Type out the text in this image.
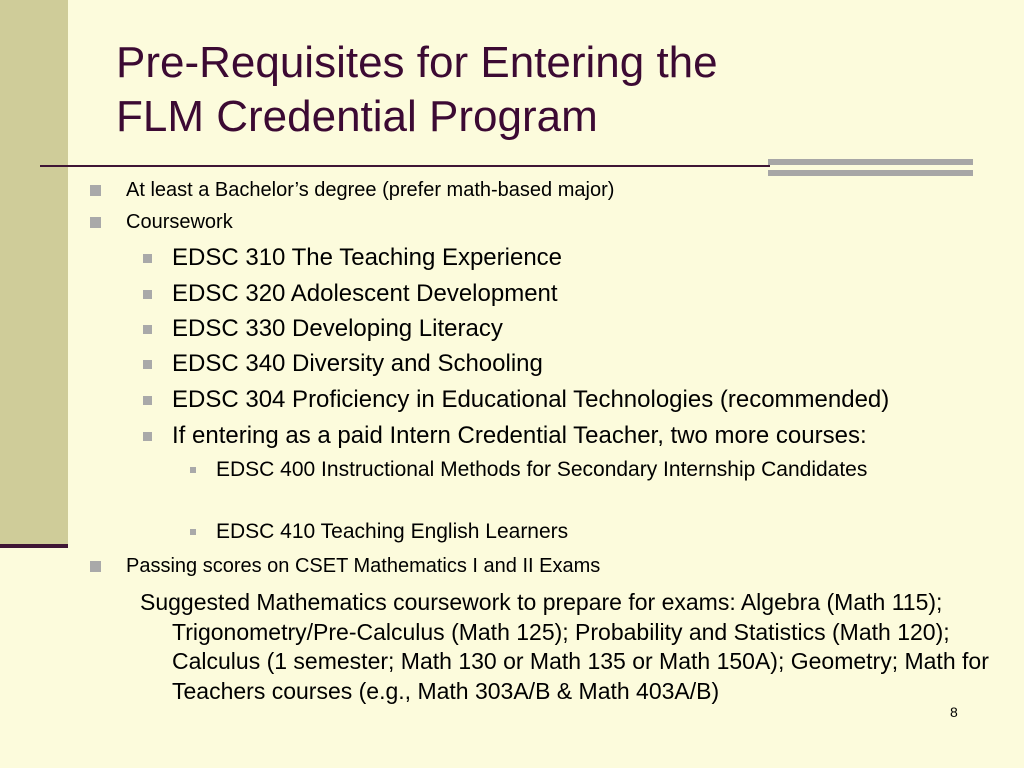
Pre-Requisites for Entering the
FLM Credential Program
At least a Bachelor’s degree (prefer math-based major)
Coursework
EDSC 310 The Teaching Experience
EDSC 320 Adolescent Development
EDSC 330 Developing Literacy
EDSC 340 Diversity and Schooling
EDSC 304 Proficiency in Educational Technologies (recommended)
If entering as a paid Intern Credential Teacher, two more courses:
EDSC 400 Instructional Methods for Secondary Internship Candidates
EDSC 410 Teaching English Learners
Passing scores on CSET Mathematics I and II Exams
Suggested Mathematics coursework to prepare for exams: Algebra (Math 115); Trigonometry/Pre-Calculus (Math 125); Probability and Statistics (Math 120); Calculus (1 semester; Math 130 or Math 135 or Math 150A); Geometry; Math for Teachers courses (e.g., Math 303A/B & Math 403A/B)
8
